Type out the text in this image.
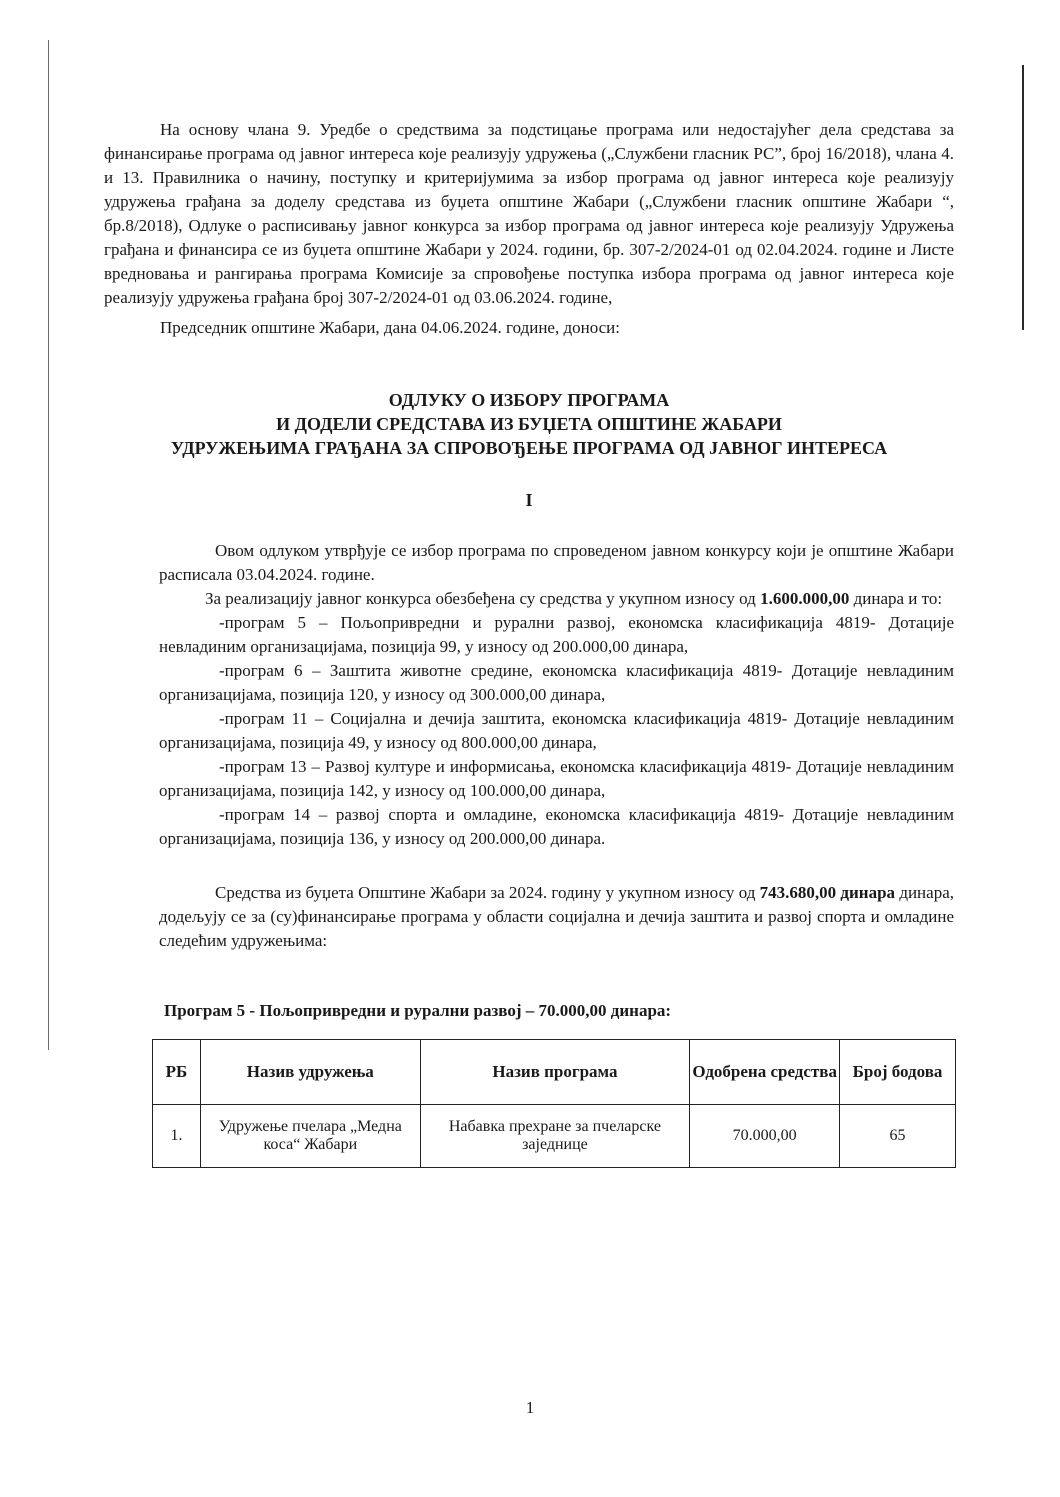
На основу члана 9. Уредбе о средствима за подстицање програма или недостајућег дела средстава за финансирање програма од јавног интереса које реализују удружења („Службени гласник РС”, број 16/2018), члана 4. и 13. Правилника о начину, поступку и критеријумима за избор програма од јавног интереса које реализују удружења грађана за доделу средстава из буџета општине Жабари („Службени гласник општине Жабари “, бр.8/2018), Одлуке о расписивању јавног конкурса за избор програма од јавног интереса које реализују Удружења грађана и финансира се из буџета општине Жабари у 2024. години, бр. 307-2/2024-01 од 02.04.2024. године и Листе вредновања и рангирања програма Комисије за спровођење поступка избора програма од јавног интереса које реализују удружења грађана број 307-2/2024-01 од 03.06.2024. године,

Председник општине Жабари, дана 04.06.2024. године, доноси:

ОДЛУКУ О ИЗБОРУ ПРОГРАМА
И ДОДЕЛИ СРЕДСТАВА ИЗ БУЏЕТА ОПШТИНЕ ЖАБАРИ
УДРУЖЕЊИМА ГРАЂАНА ЗА СПРОВОЂЕЊЕ ПРОГРАМА ОД ЈАВНОГ ИНТЕРЕСА
I

Овом одлуком утврђује се избор програма по спроведеном јавном конкурсу који је општине Жабари расписала 03.04.2024. године.

За реализацију јавног конкурса обезбеђена су средства у укупном износу од 1.600.000,00 динара и то:

-програм 5 – Пољопривредни и рурални развој, економска класификација 4819- Дотације невладиним организацијама, позиција 99, у износу од 200.000,00 динара,

-програм 6 – Заштита животне средине, економска класификација 4819- Дотације невладиним организацијама, позиција 120, у износу од 300.000,00 динара,

-програм 11 – Социјална и дечија заштита, економска класификација 4819- Дотације невладиним организацијама, позиција 49, у износу од 800.000,00 динара,

-програм 13 – Развој културе и информисања, економска класификација 4819- Дотације невладиним организацијама, позиција 142, у износу од 100.000,00 динара,

-програм 14 – развој спорта и омладине, економска класификација 4819- Дотације невладиним организацијама, позиција 136, у износу од 200.000,00 динара.

Средства из буџета Општине Жабари за 2024. годину у укупном износу од 743.680,00 динара динара, додељују се за (су)финансирање програма у области социјална и дечија заштита и развој спорта и омладине следећим удружењима:

Програм 5 - Пољопривредни и рурални развој – 70.000,00 динара:
РБ	Назив удружења	Назив програма	Одобрена средства	Број бодова
1.	Удружење пчелара „Медна коса“ Жабари	Набавка прехране за пчеларске заједнице	70.000,00	65
1
